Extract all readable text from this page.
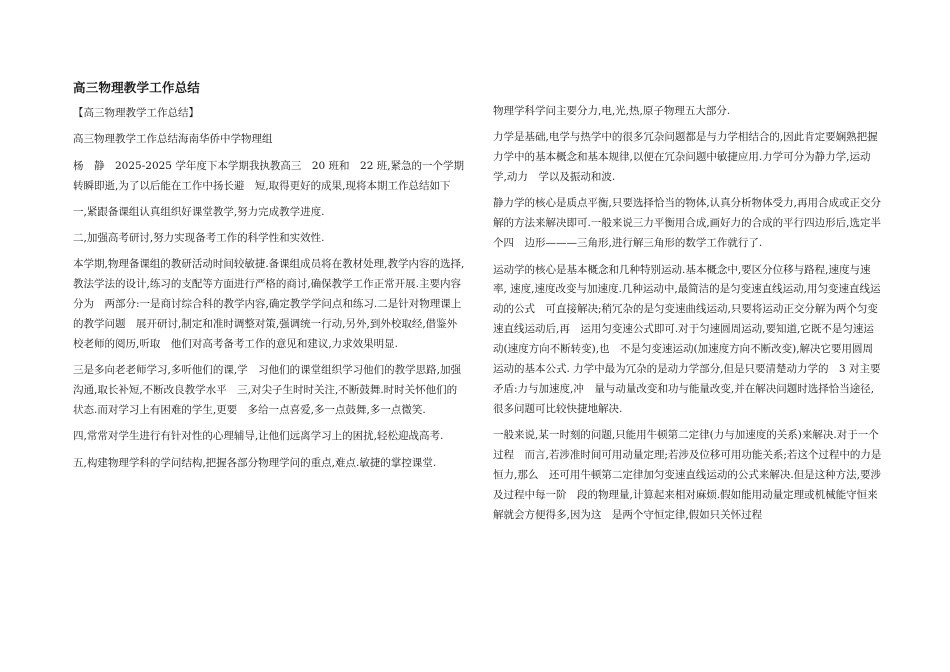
高三物理教学工作总结

【高三物理教学工作总结】

高三物理教学工作总结海南华侨中学物理组

杨　静　2025-2025 学年度下本学期我执教高三　20 班和　22 班,紧急的一个学期转瞬即逝,为了以后能在工作中扬长避　短,取得更好的成果,现将本期工作总结如下

一,紧跟备课组认真组织好课堂教学,努力完成教学进度.

二,加强高考研讨,努力实现备考工作的科学性和实效性.

本学期,物理备课组的教研活动时间较敏捷.备课组成员将在教材处理,教学内容的选择, 教法学法的设计,练习的支配等方面进行严格的商讨,确保教学工作正常开展.主要内容分为　两部分:一是商讨综合科的教学内容,确定教学学问点和练习.二是针对物理课上的教学问题　展开研讨,制定和准时调整对策,强调统一行动,另外,到外校取经,借鉴外校老师的阅历,听取　他们对高考备考工作的意见和建议,力求效果明显.

三是多向老老师学习,多听他们的课,学　习他们的课堂组织学习他们的教学思路,加强沟通,取长补短,不断改良教学水平　三,对尖子生时时关注,不断鼓舞.时时关怀他们的状态.而对学习上有困难的学生,更要　多给一点喜爱,多一点鼓舞,多一点微笑.

四,常常对学生进行有针对性的心理辅导,让他们远离学习上的困扰,轻松迎战高考.

五,构建物理学科的学问结构,把握各部分物理学问的重点,难点.敏捷的掌控课堂.

物理学科学问主要分力,电,光,热,原子物理五大部分.

力学是基础,电学与热学中的很多冗杂问题都是与力学相结合的,因此肯定要娴熟把握　力学中的基本概念和基本规律,以便在冗杂问题中敏捷应用.力学可分为静力学,运动学,动力　学以及振动和波.

静力学的核心是质点平衡,只要选择恰当的物体,认真分析物体受力,再用合成或正交分　解的方法来解决即可.一般来说三力平衡用合成,画好力的合成的平行四边形后,选定半个四　边形———三角形,进行解三角形的数学工作就行了.

运动学的核心是基本概念和几种特别运动.基本概念中,要区分位移与路程,速度与速率, 速度,速度改变与加速度.几种运动中,最简洁的是匀变速直线运动,用匀变速直线运动的公式　可直接解决;稍冗杂的是匀变速曲线运动,只要将运动正交分解为两个匀变速直线运动后,再　运用匀变速公式即可.对于匀速圆周运动,要知道,它既不是匀速运动(速度方向不断转变),也　不是匀变速运动(加速度方向不断改变),解决它要用圆周运动的基本公式. 力学中最为冗杂的是动力学部分,但是只要清楚动力学的　3 对主要矛盾:力与加速度,冲　量与动量改变和功与能量改变,并在解决问题时选择恰当途径,很多问题可比较快捷地解决.

一般来说,某一时刻的问题,只能用牛顿第二定律(力与加速度的关系)来解决.对于一个过程　而言,若涉准时间可用动量定理;若涉及位移可用功能关系;若这个过程中的力是恒力,那么　还可用牛顿第二定律加匀变速直线运动的公式来解决.但是这种方法,要涉及过程中每一阶　段的物理量,计算起来相对麻烦.假如能用动量定理或机械能守恒来解就会方便得多,因为这　是两个守恒定律,假如只关怀过程
